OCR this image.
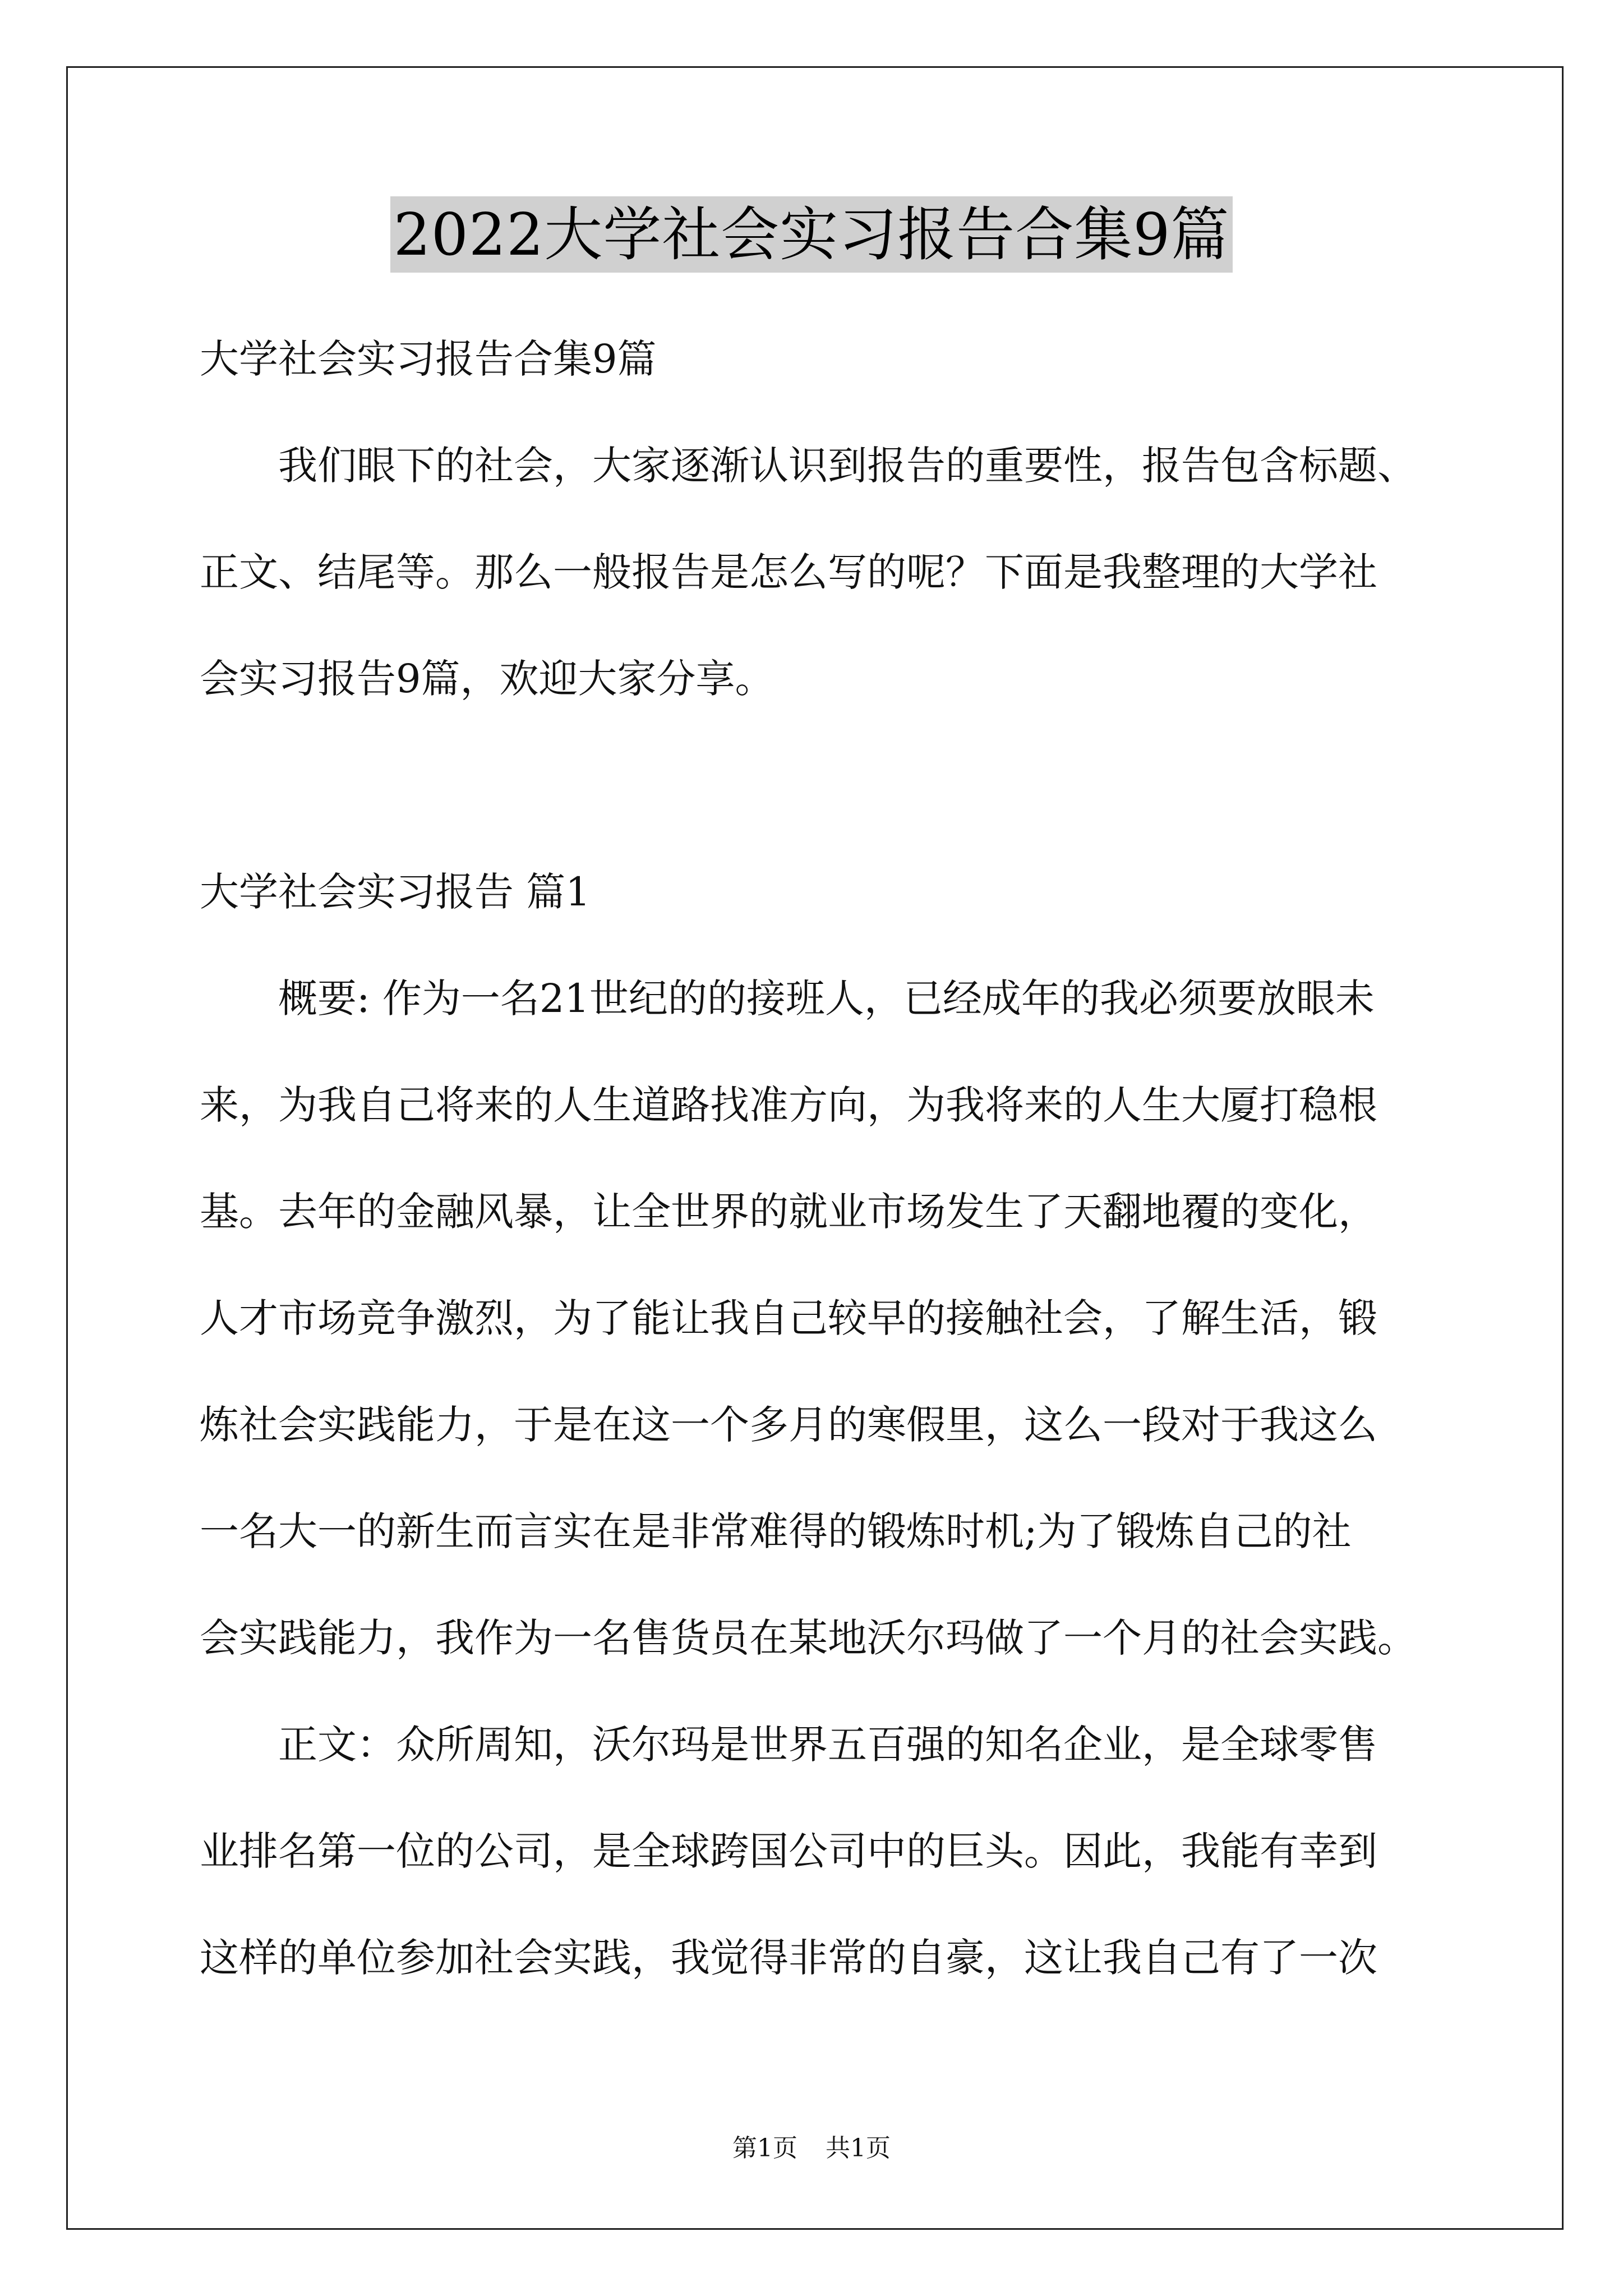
2022大学社会实习报告合集9篇

大学社会实习报告合集9篇

我们眼下的社会，大家逐渐认识到报告的重要性，报告包含标题、

正文、结尾等。那么一般报告是怎么写的呢？下面是我整理的大学社

会实习报告9篇，欢迎大家分享。

大学社会实习报告 篇1

概要: 作为一名21世纪的的接班人，已经成年的我必须要放眼未

来，为我自己将来的人生道路找准方向，为我将来的人生大厦打稳根

基。去年的金融风暴，让全世界的就业市场发生了天翻地覆的变化，

人才市场竞争激烈，为了能让我自己较早的接触社会，了解生活，锻

炼社会实践能力，于是在这一个多月的寒假里，这么一段对于我这么

一名大一的新生而言实在是非常难得的锻炼时机;为了锻炼自己的社

会实践能力，我作为一名售货员在某地沃尔玛做了一个月的社会实践。

正文：众所周知，沃尔玛是世界五百强的知名企业，是全球零售

业排名第一位的公司，是全球跨国公司中的巨头。因此，我能有幸到

这样的单位参加社会实践，我觉得非常的自豪，这让我自己有了一次

第1页 共1页
